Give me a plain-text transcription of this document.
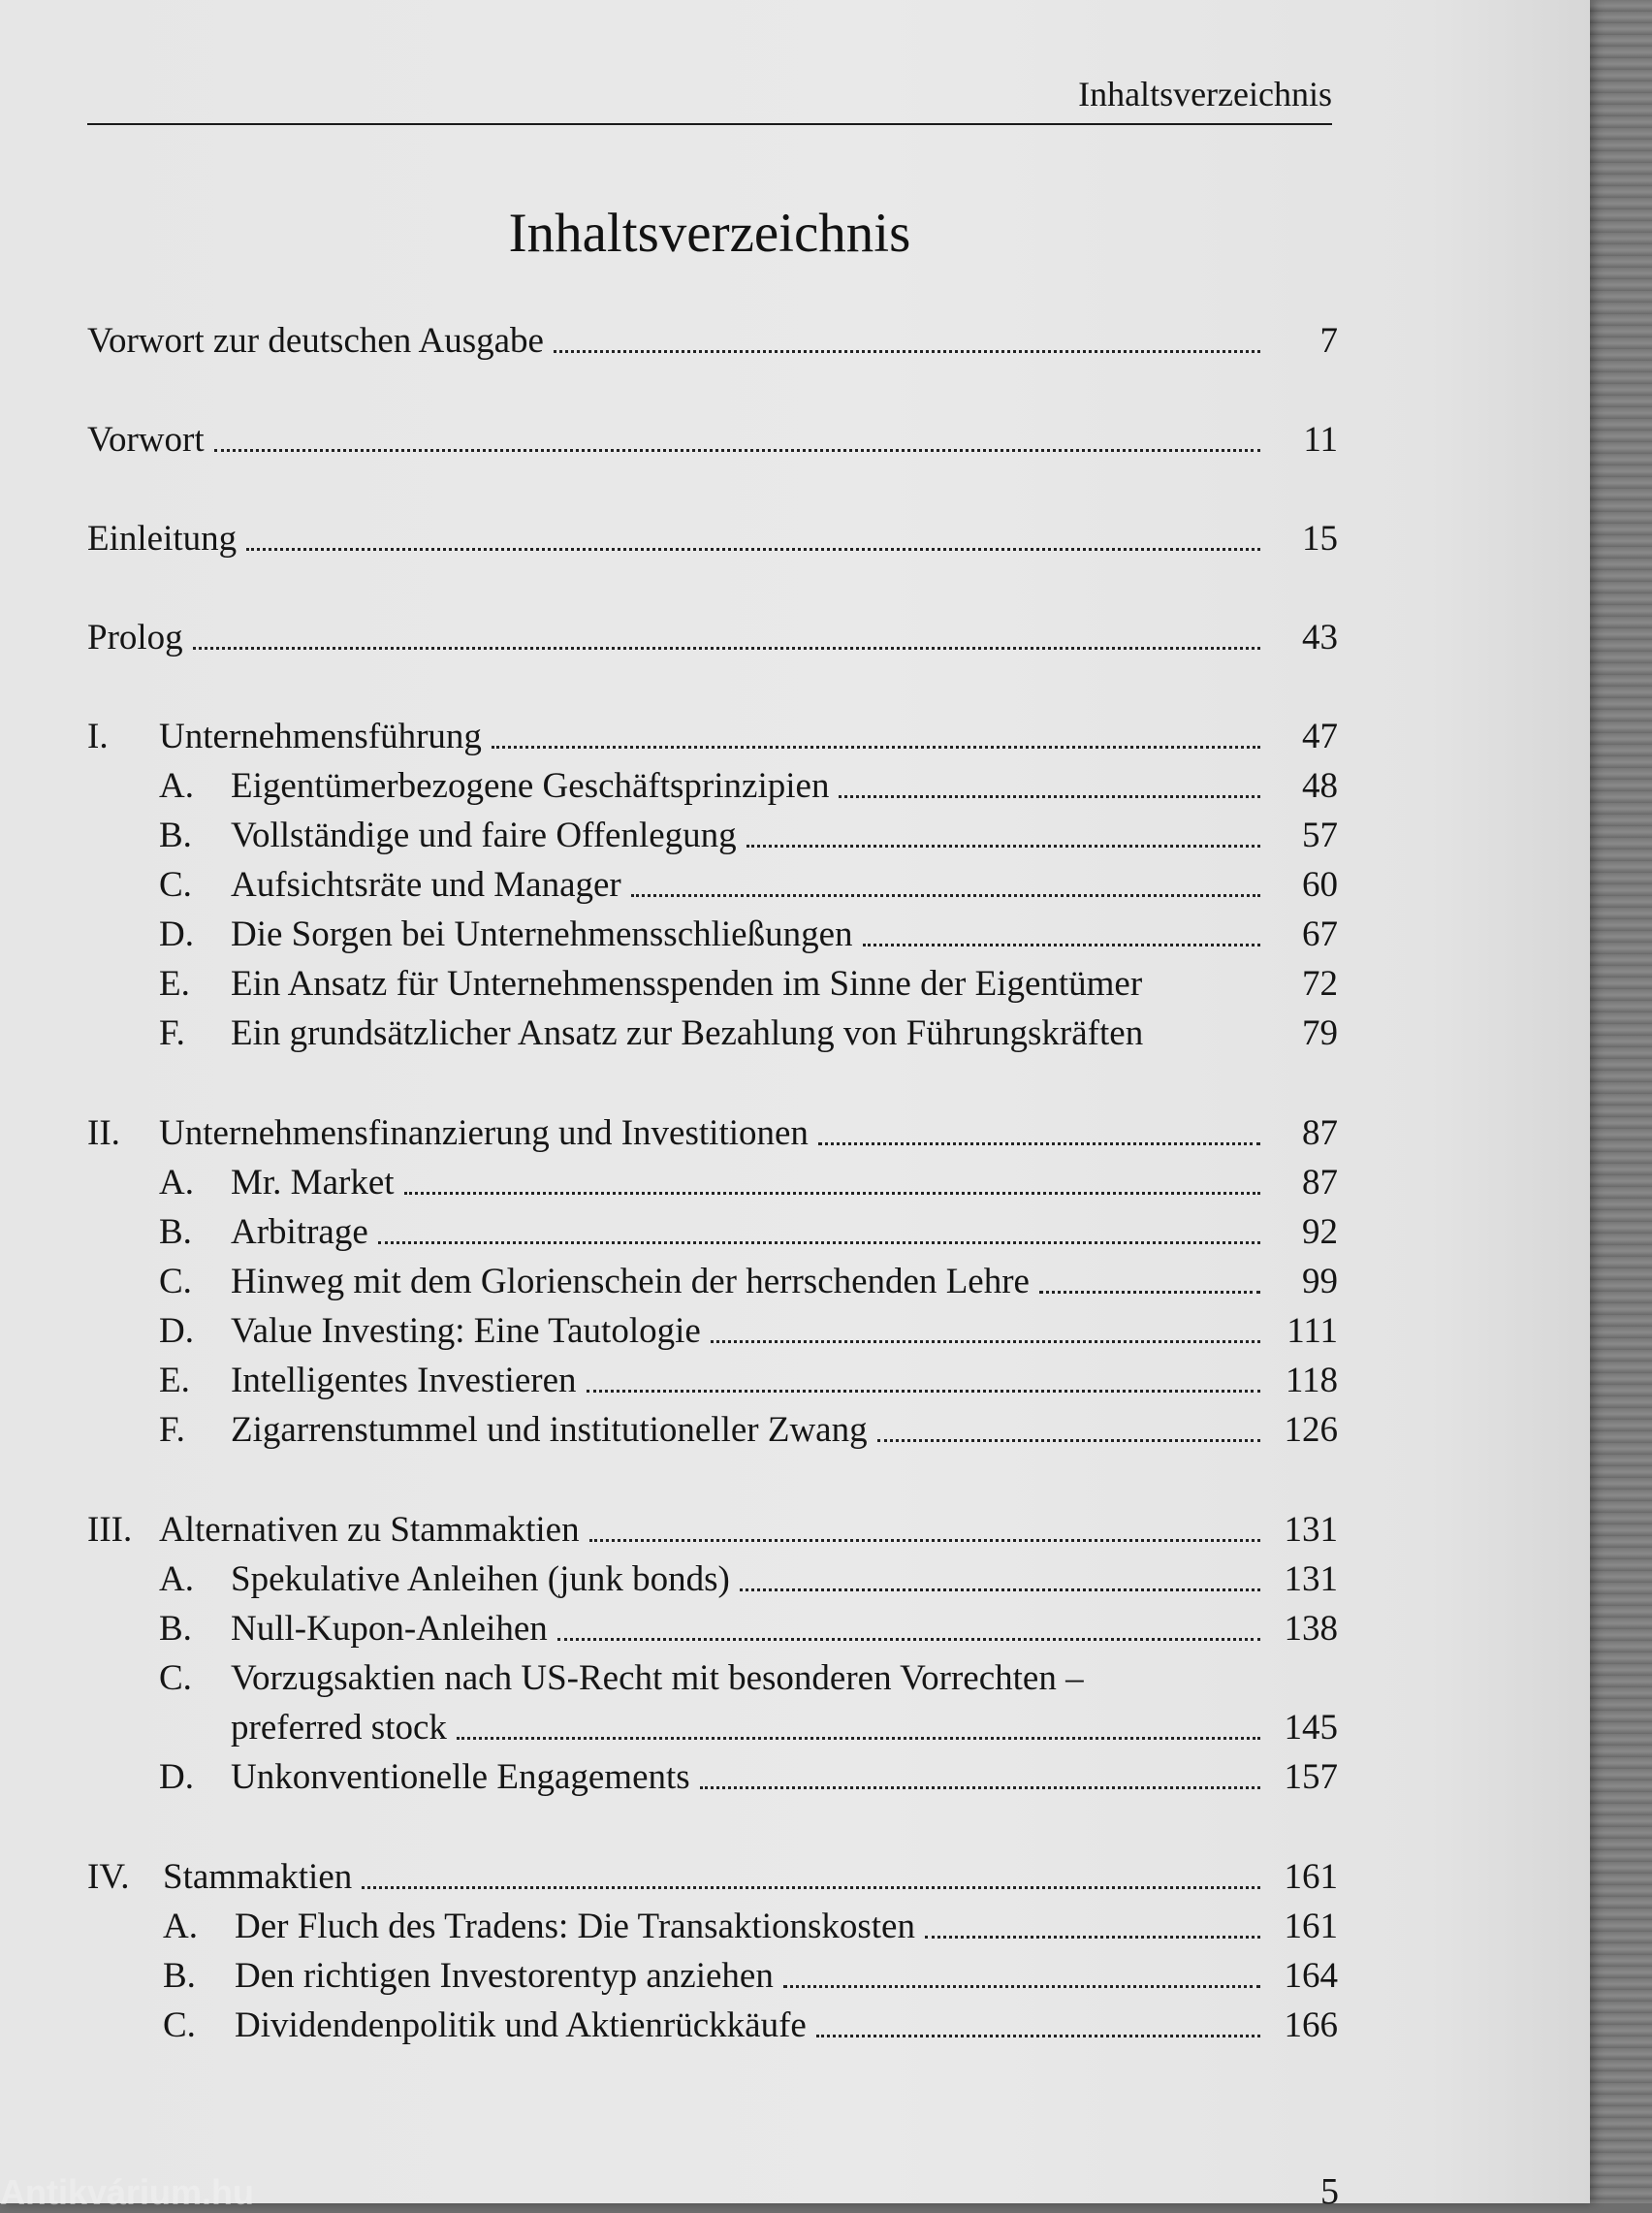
Inhaltsverzeichnis
Inhaltsverzeichnis
Vorwort zur deutschen Ausgabe	7
Vorwort	11
Einleitung	15
Prolog	43
I.	Unternehmensführung	47
A.	Eigentümerbezogene Geschäftsprinzipien	48
B.	Vollständige und faire Offenlegung	57
C.	Aufsichtsräte und Manager	60
D.	Die Sorgen bei Unternehmensschließungen	67
E.	Ein Ansatz für Unternehmensspenden im Sinne der Eigentümer	72
F.	Ein grundsätzlicher Ansatz zur Bezahlung von Führungskräften	79
II.	Unternehmensfinanzierung und Investitionen	87
A.	Mr. Market	87
B.	Arbitrage	92
C.	Hinweg mit dem Glorienschein der herrschenden Lehre	99
D.	Value Investing: Eine Tautologie	111
E.	Intelligentes Investieren	118
F.	Zigarrenstummel und institutioneller Zwang	126
III. Alternativen zu Stammaktien	131
A.	Spekulative Anleihen (junk bonds)	131
B.	Null-Kupon-Anleihen	138
C.	Vorzugsaktien nach US-Recht mit besonderen Vorrechten –
preferred stock	145
D.	Unkonventionelle Engagements	157
IV. Stammaktien	161
A.	Der Fluch des Tradens: Die Transaktionskosten	161
B.	Den richtigen Investorentyp anziehen	164
C.	Dividendenpolitik und Aktienrückkäufe	166
Antikvárium.hu	5
